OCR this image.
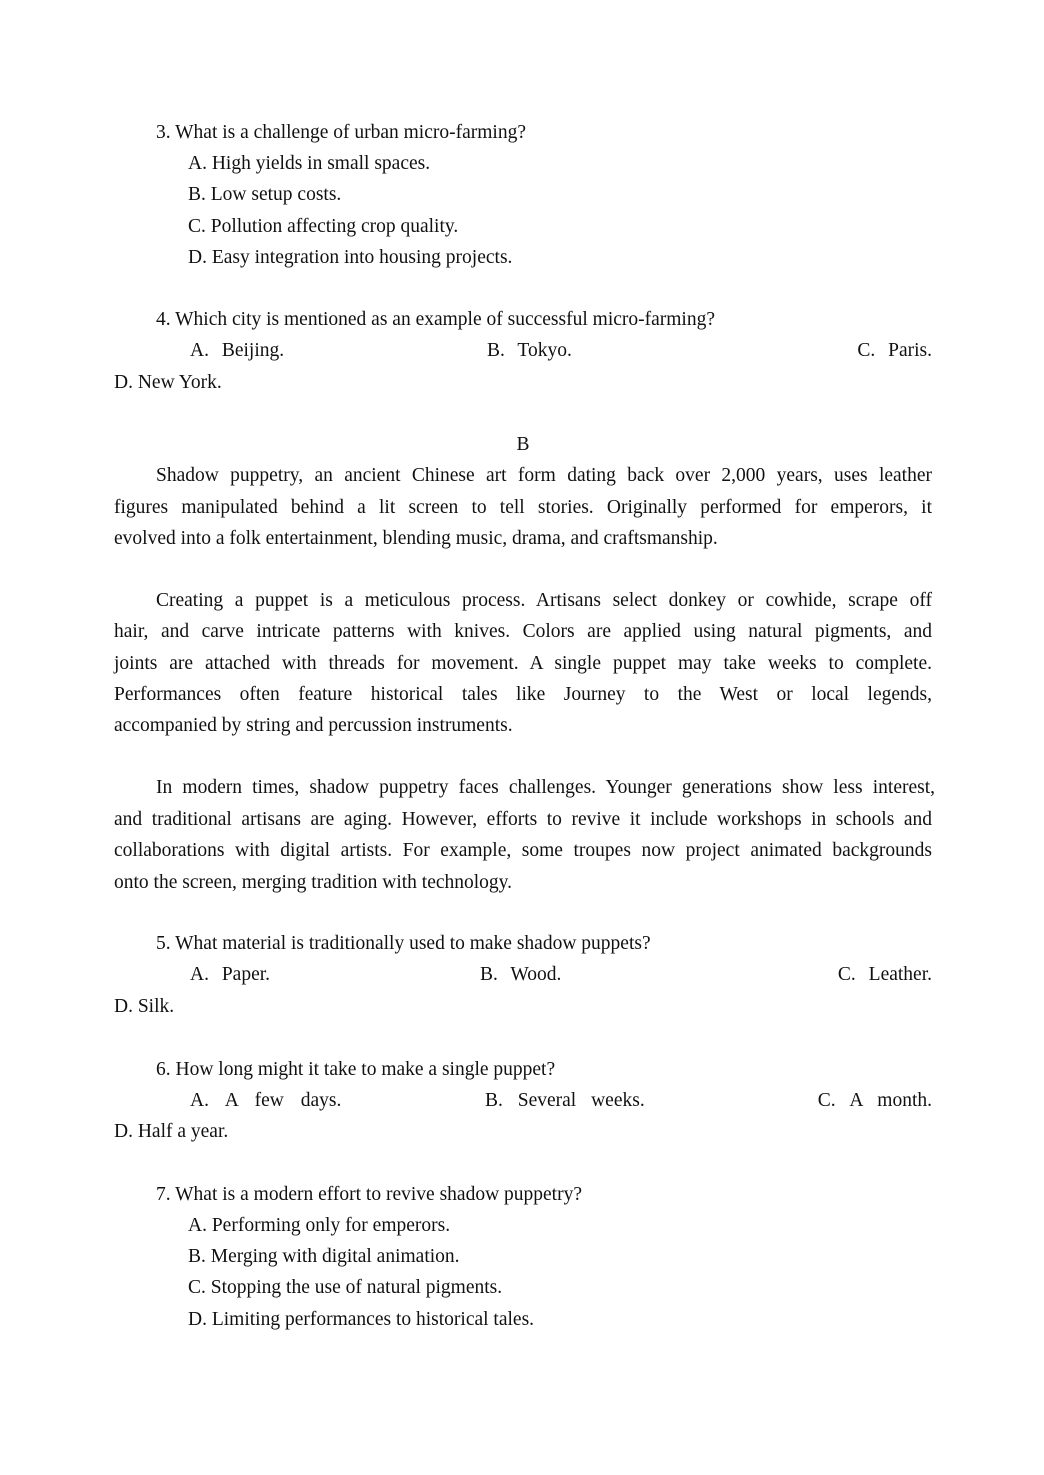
3. What is a challenge of urban micro-farming?
A. High yields in small spaces.
B. Low setup costs.
C. Pollution affecting crop quality.
D. Easy integration into housing projects.
4. Which city is mentioned as an example of successful micro-farming?
A. Beijing.	B. Tokyo.	C. Paris.
D. New York.
B
Shadow puppetry, an ancient Chinese art form dating back over 2,000 years, uses leather
figures manipulated behind a lit screen to tell stories. Originally performed for emperors, it
evolved into a folk entertainment, blending music, drama, and craftsmanship.
Creating a puppet is a meticulous process. Artisans select donkey or cowhide, scrape off
hair, and carve intricate patterns with knives. Colors are applied using natural pigments, and
joints are attached with threads for movement. A single puppet may take weeks to complete.
Performances often feature historical tales like Journey to the West or local legends,
accompanied by string and percussion instruments.
In modern times, shadow puppetry faces challenges. Younger generations show less interest,
and traditional artisans are aging. However, efforts to revive it include workshops in schools and
collaborations with digital artists. For example, some troupes now project animated backgrounds
onto the screen, merging tradition with technology.
5. What material is traditionally used to make shadow puppets?
A. Paper.	B. Wood.	C. Leather.
D. Silk.
6. How long might it take to make a single puppet?
A. A few days.	B. Several weeks.	C. A month.
D. Half a year.
7. What is a modern effort to revive shadow puppetry?
A. Performing only for emperors.
B. Merging with digital animation.
C. Stopping the use of natural pigments.
D. Limiting performances to historical tales.
